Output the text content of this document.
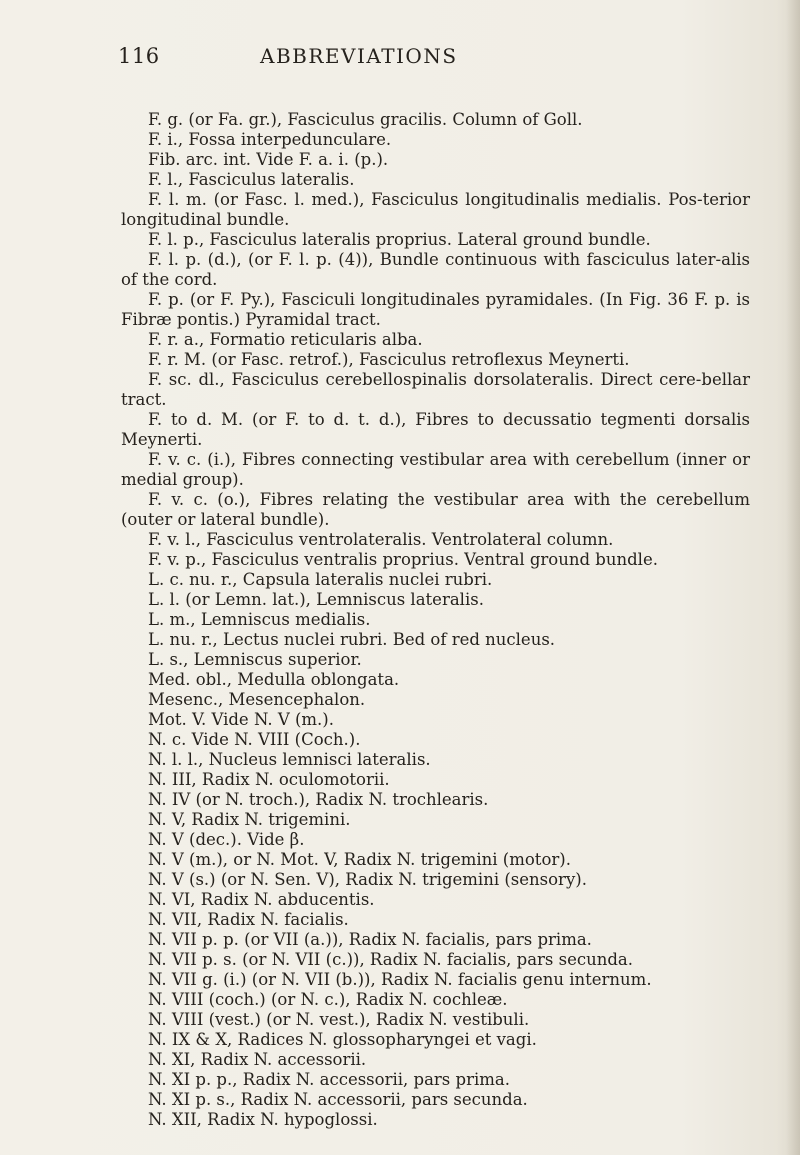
116	ABBREVIATIONS
F. g. (or Fa. gr.), Fasciculus gracilis. Column of Goll.
F. i., Fossa interpedunculare.
Fib. arc. int. Vide F. a. i. (p.).
F. l., Fasciculus lateralis.
F. l. m. (or Fasc. l. med.), Fasciculus longitudinalis medialis. Pos-terior longitudinal bundle.
F. l. p., Fasciculus lateralis proprius. Lateral ground bundle.
F. l. p. (d.), (or F. l. p. (4)), Bundle continuous with fasciculus later-alis of the cord.
F. p. (or F. Py.), Fasciculi longitudinales pyramidales. (In Fig. 36 F. p. is Fibræ pontis.) Pyramidal tract.
F. r. a., Formatio reticularis alba.
F. r. M. (or Fasc. retrof.), Fasciculus retroflexus Meynerti.
F. sc. dl., Fasciculus cerebellospinalis dorsolateralis. Direct cere-bellar tract.
F. to d. M. (or F. to d. t. d.), Fibres to decussatio tegmenti dorsalis Meynerti.
F. v. c. (i.), Fibres connecting vestibular area with cerebellum (inner or medial group).
F. v. c. (o.), Fibres relating the vestibular area with the cerebellum (outer or lateral bundle).
F. v. l., Fasciculus ventrolateralis. Ventrolateral column.
F. v. p., Fasciculus ventralis proprius. Ventral ground bundle.
L. c. nu. r., Capsula lateralis nuclei rubri.
L. l. (or Lemn. lat.), Lemniscus lateralis.
L. m., Lemniscus medialis.
L. nu. r., Lectus nuclei rubri. Bed of red nucleus.
L. s., Lemniscus superior.
Med. obl., Medulla oblongata.
Mesenc., Mesencephalon.
Mot. V. Vide N. V (m.).
N. c. Vide N. VIII (Coch.).
N. l. l., Nucleus lemnisci lateralis.
N. III, Radix N. oculomotorii.
N. IV (or N. troch.), Radix N. trochlearis.
N. V, Radix N. trigemini.
N. V (dec.). Vide β.
N. V (m.), or N. Mot. V, Radix N. trigemini (motor).
N. V (s.) (or N. Sen. V), Radix N. trigemini (sensory).
N. VI, Radix N. abducentis.
N. VII, Radix N. facialis.
N. VII p. p. (or VII (a.)), Radix N. facialis, pars prima.
N. VII p. s. (or N. VII (c.)), Radix N. facialis, pars secunda.
N. VII g. (i.) (or N. VII (b.)), Radix N. facialis genu internum.
N. VIII (coch.) (or N. c.), Radix N. cochleæ.
N. VIII (vest.) (or N. vest.), Radix N. vestibuli.
N. IX & X, Radices N. glossopharyngei et vagi.
N. XI, Radix N. accessorii.
N. XI p. p., Radix N. accessorii, pars prima.
N. XI p. s., Radix N. accessorii, pars secunda.
N. XII, Radix N. hypoglossi.
